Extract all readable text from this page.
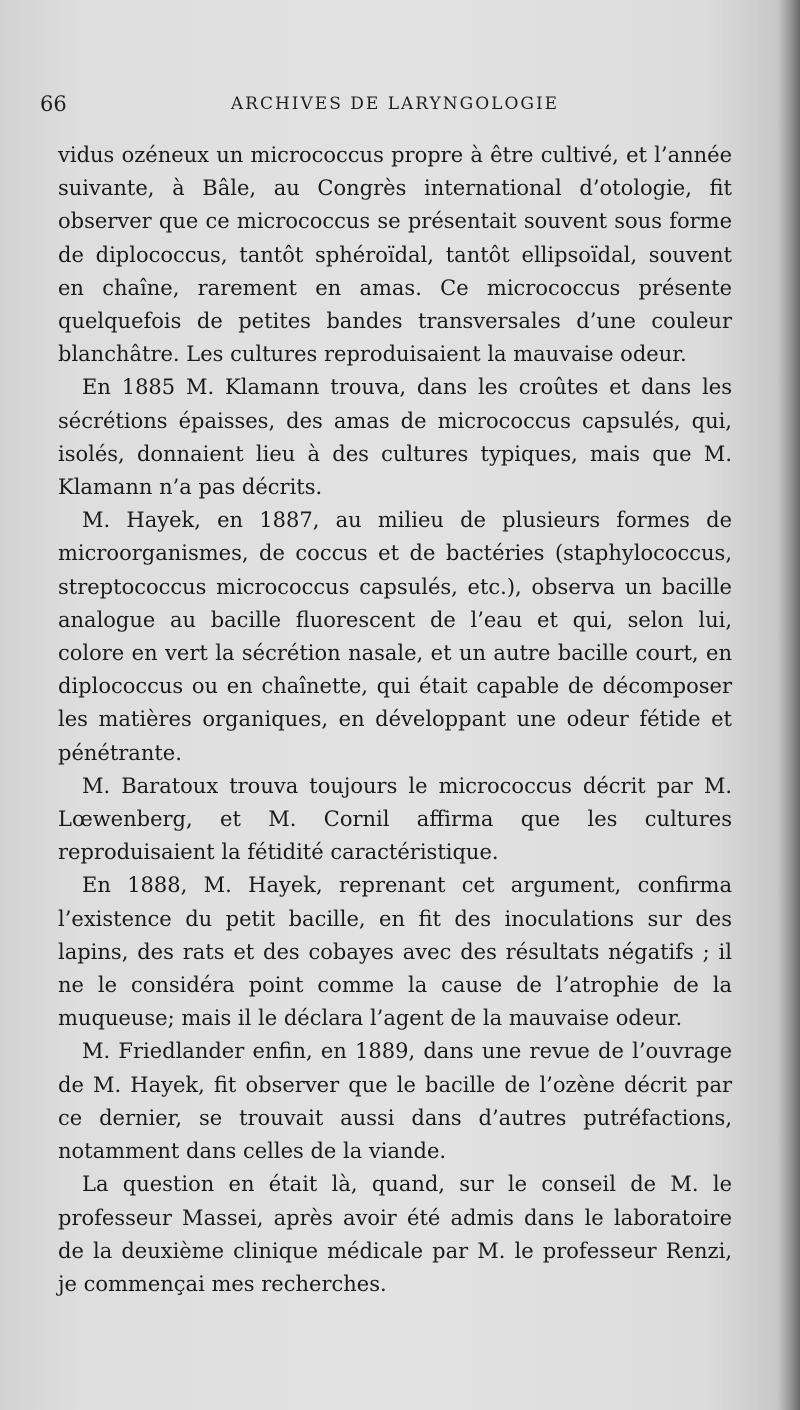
66	ARCHIVES DE LARYNGOLOGIE

vidus ozéneux un micrococcus propre à être cultivé, et l’année suivante, à Bâle, au Congrès international d’otologie, fit observer que ce micrococcus se présentait souvent sous forme de diplococcus, tantôt sphéroïdal, tantôt ellipsoïdal, souvent en chaîne, rarement en amas. Ce micrococcus présente quelquefois de petites bandes transversales d’une couleur blanchâtre. Les cultures reproduisaient la mauvaise odeur.

En 1885 M. Klamann trouva, dans les croûtes et dans les sécrétions épaisses, des amas de micrococcus capsulés, qui, isolés, donnaient lieu à des cultures typiques, mais que M. Klamann n’a pas décrits.

M. Hayek, en 1887, au milieu de plusieurs formes de microorganismes, de coccus et de bactéries (staphylococcus, streptococcus micrococcus capsulés, etc.), observa un bacille analogue au bacille fluorescent de l’eau et qui, selon lui, colore en vert la sécrétion nasale, et un autre bacille court, en diplococcus ou en chaînette, qui était capable de décomposer les matières organiques, en développant une odeur fétide et pénétrante.

M. Baratoux trouva toujours le micrococcus décrit par M. Lœwenberg, et M. Cornil affirma que les cultures reproduisaient la fétidité caractéristique.

En 1888, M. Hayek, reprenant cet argument, confirma l’existence du petit bacille, en fit des inoculations sur des lapins, des rats et des cobayes avec des résultats négatifs ; il ne le considéra point comme la cause de l’atrophie de la muqueuse; mais il le déclara l’agent de la mauvaise odeur.

M. Friedlander enfin, en 1889, dans une revue de l’ouvrage de M. Hayek, fit observer que le bacille de l’ozène décrit par ce dernier, se trouvait aussi dans d’autres putréfactions, notamment dans celles de la viande.

La question en était là, quand, sur le conseil de M. le professeur Massei, après avoir été admis dans le laboratoire de la deuxième clinique médicale par M. le professeur Renzi, je commençai mes recherches.
